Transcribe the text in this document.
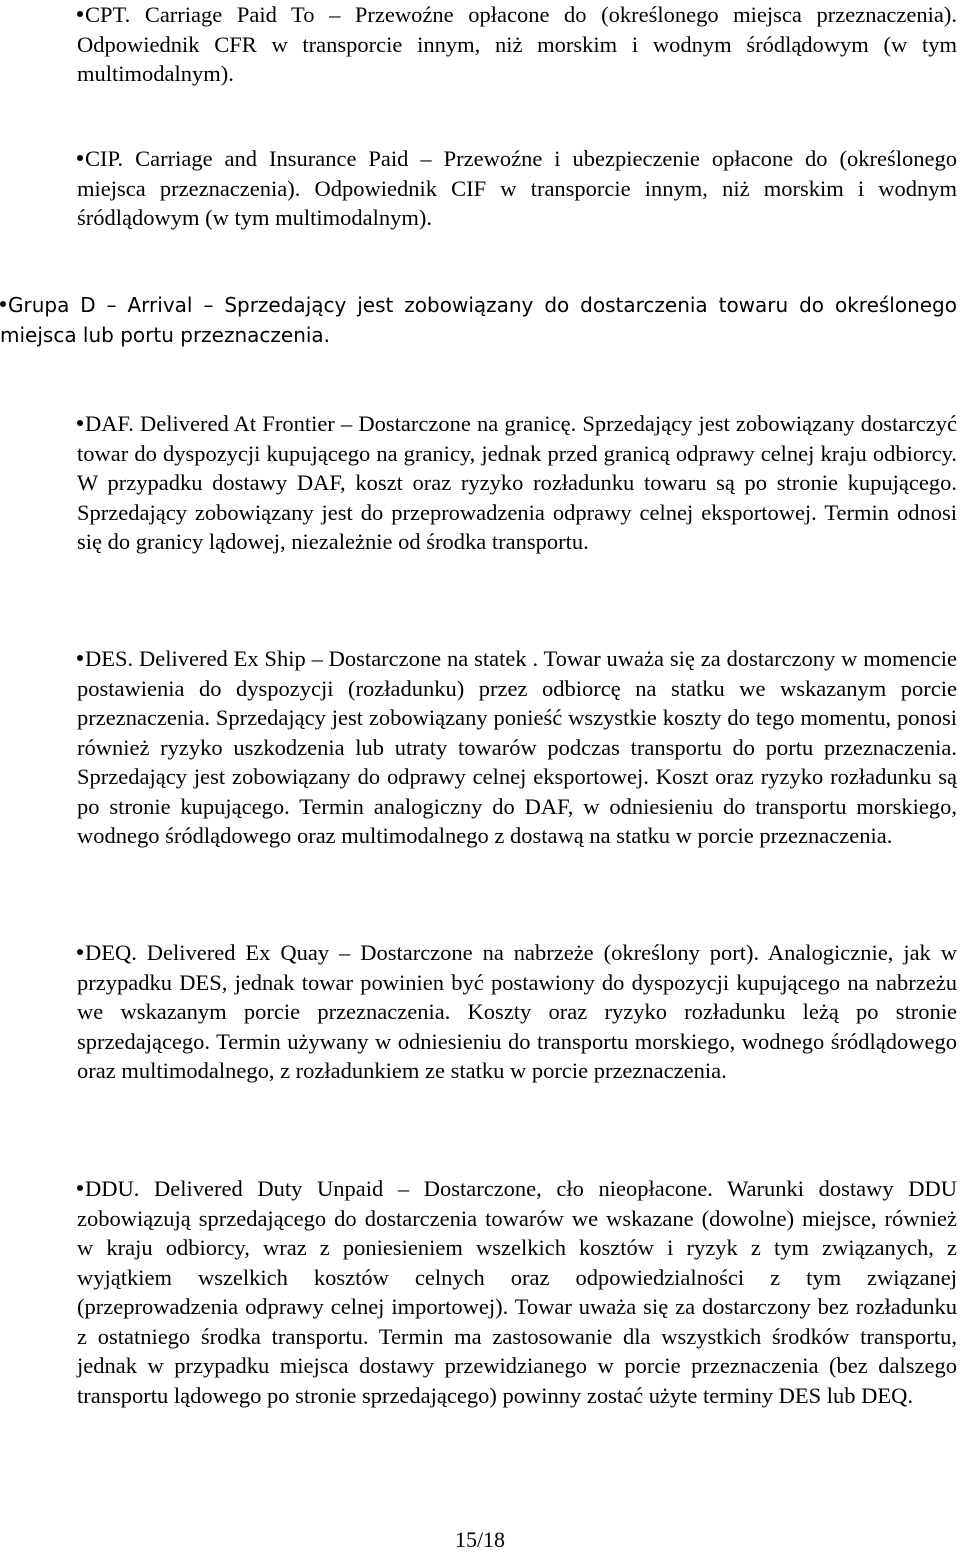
CPT. Carriage Paid To – Przewoźne opłacone do (określonego miejsca przeznaczenia). Odpowiednik CFR w transporcie innym, niż morskim i wodnym śródlądowym (w tym multimodalnym).

CIP. Carriage and Insurance Paid – Przewoźne i ubezpieczenie opłacone do (określonego miejsca przeznaczenia). Odpowiednik CIF w transporcie innym, niż morskim i wodnym śródlądowym (w tym multimodalnym).

Grupa D – Arrival – Sprzedający jest zobowiązany do dostarczenia towaru do określonego miejsca lub portu przeznaczenia.

DAF. Delivered At Frontier – Dostarczone na granicę. Sprzedający jest zobowiązany dostarczyć towar do dyspozycji kupującego na granicy, jednak przed granicą odprawy celnej kraju odbiorcy. W przypadku dostawy DAF, koszt oraz ryzyko rozładunku towaru są po stronie kupującego. Sprzedający zobowiązany jest do przeprowadzenia odprawy celnej eksportowej. Termin odnosi się do granicy lądowej, niezależnie od środka transportu.

DES. Delivered Ex Ship – Dostarczone na statek . Towar uważa się za dostarczony w momencie postawienia do dyspozycji (rozładunku) przez odbiorcę na statku we wskazanym porcie przeznaczenia. Sprzedający jest zobowiązany ponieść wszystkie koszty do tego momentu, ponosi również ryzyko uszkodzenia lub utraty towarów podczas transportu do portu przeznaczenia. Sprzedający jest zobowiązany do odprawy celnej eksportowej. Koszt oraz ryzyko rozładunku są po stronie kupującego. Termin analogiczny do DAF, w odniesieniu do transportu morskiego, wodnego śródlądowego oraz multimodalnego z dostawą na statku w porcie przeznaczenia.

DEQ. Delivered Ex Quay – Dostarczone na nabrzeże (określony port). Analogicznie, jak w przypadku DES, jednak towar powinien być postawiony do dyspozycji kupującego na nabrzeżu we wskazanym porcie przeznaczenia. Koszty oraz ryzyko rozładunku leżą po stronie sprzedającego. Termin używany w odniesieniu do transportu morskiego, wodnego śródlądowego oraz multimodalnego, z rozładunkiem ze statku w porcie przeznaczenia.

DDU. Delivered Duty Unpaid – Dostarczone, cło nieopłacone. Warunki dostawy DDU zobowiązują sprzedającego do dostarczenia towarów we wskazane (dowolne) miejsce, również w kraju odbiorcy, wraz z poniesieniem wszelkich kosztów i ryzyk z tym związanych, z wyjątkiem wszelkich kosztów celnych oraz odpowiedzialności z tym związanej (przeprowadzenia odprawy celnej importowej). Towar uważa się za dostarczony bez rozładunku z ostatniego środka transportu. Termin ma zastosowanie dla wszystkich środków transportu, jednak w przypadku miejsca dostawy przewidzianego w porcie przeznaczenia (bez dalszego transportu lądowego po stronie sprzedającego) powinny zostać użyte terminy DES lub DEQ.

15/18
